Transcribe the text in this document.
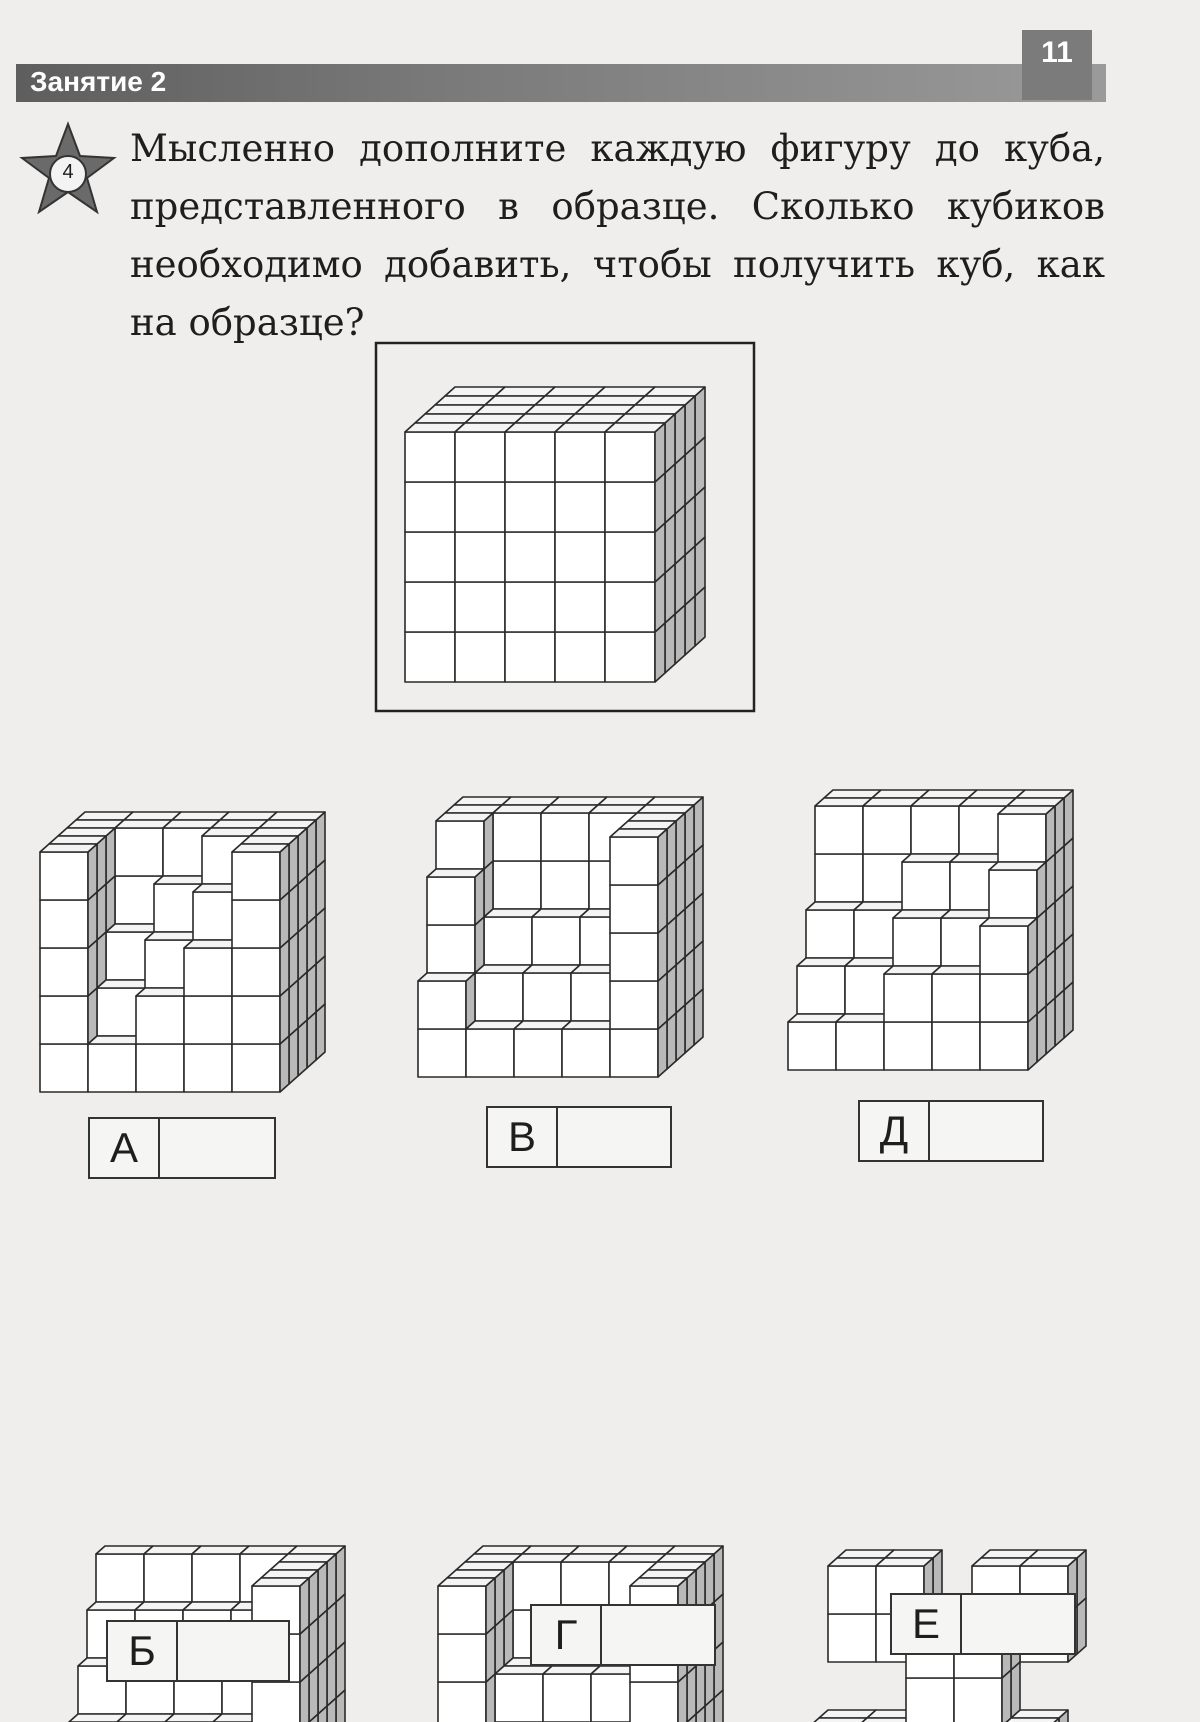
Занятие 2
11
4

Мысленно дополните каждую фигуру до куба, представленного в образце. Сколько кубиков необходимо добавить, чтобы получить куб, как на образце?

А
Б
В
Г
Д
Е
